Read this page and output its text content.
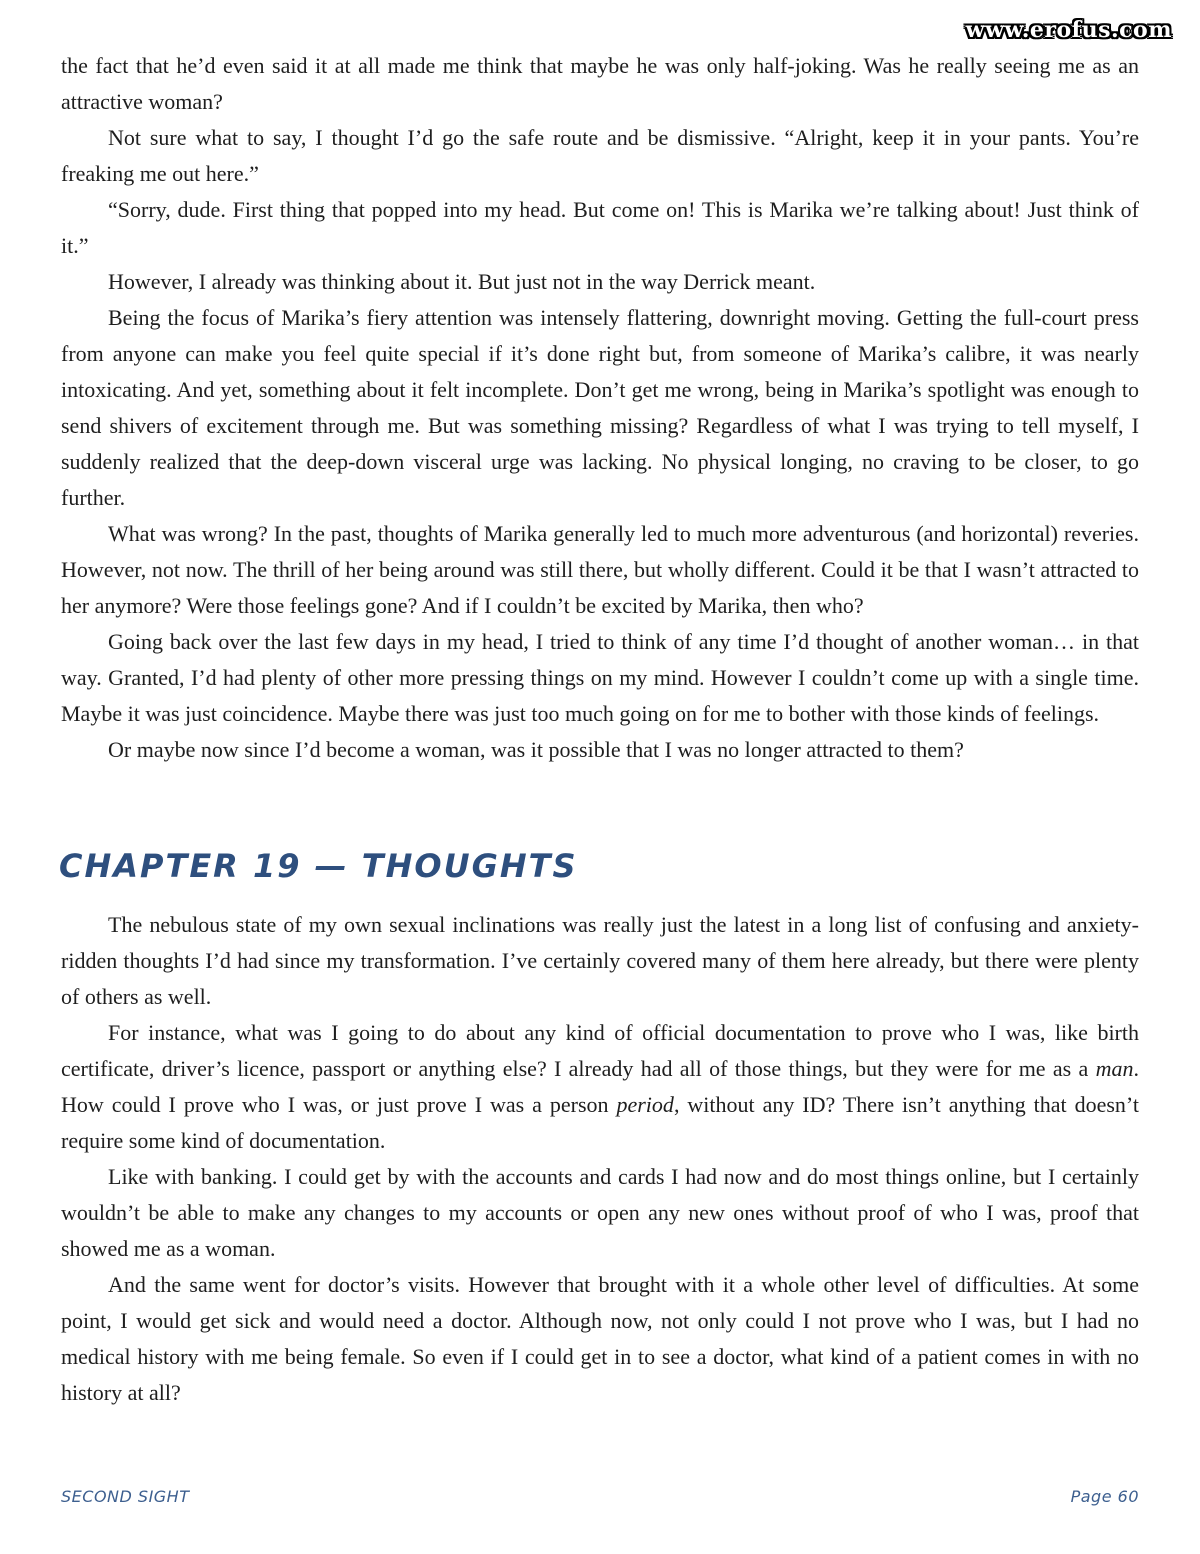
www.erofus.com

the fact that he’d even said it at all made me think that maybe he was only half-joking. Was he really seeing me as an attractive woman?

Not sure what to say, I thought I’d go the safe route and be dismissive. “Alright, keep it in your pants. You’re freaking me out here.”

“Sorry, dude. First thing that popped into my head. But come on! This is Marika we’re talking about! Just think of it.”

However, I already was thinking about it. But just not in the way Derrick meant.

Being the focus of Marika’s fiery attention was intensely flattering, downright moving. Getting the full-court press from anyone can make you feel quite special if it’s done right but, from someone of Marika’s calibre, it was nearly intoxicating. And yet, something about it felt incomplete. Don’t get me wrong, being in Marika’s spotlight was enough to send shivers of excitement through me. But was something missing? Regardless of what I was trying to tell myself, I suddenly realized that the deep-down visceral urge was lacking. No physical longing, no craving to be closer, to go further.

What was wrong? In the past, thoughts of Marika generally led to much more adventurous (and horizontal) reveries. However, not now. The thrill of her being around was still there, but wholly different. Could it be that I wasn’t attracted to her anymore? Were those feelings gone? And if I couldn’t be excited by Marika, then who?

Going back over the last few days in my head, I tried to think of any time I’d thought of another woman… in that way. Granted, I’d had plenty of other more pressing things on my mind. However I couldn’t come up with a single time. Maybe it was just coincidence. Maybe there was just too much going on for me to bother with those kinds of feelings.

Or maybe now since I’d become a woman, was it possible that I was no longer attracted to them?

CHAPTER 19 — THOUGHTS

The nebulous state of my own sexual inclinations was really just the latest in a long list of confusing and anxiety-ridden thoughts I’d had since my transformation. I’ve certainly covered many of them here already, but there were plenty of others as well.

For instance, what was I going to do about any kind of official documentation to prove who I was, like birth certificate, driver’s licence, passport or anything else? I already had all of those things, but they were for me as a man. How could I prove who I was, or just prove I was a person period, without any ID? There isn’t anything that doesn’t require some kind of documentation.

Like with banking. I could get by with the accounts and cards I had now and do most things online, but I certainly wouldn’t be able to make any changes to my accounts or open any new ones without proof of who I was, proof that showed me as a woman.

And the same went for doctor’s visits. However that brought with it a whole other level of difficulties. At some point, I would get sick and would need a doctor. Although now, not only could I not prove who I was, but I had no medical history with me being female. So even if I could get in to see a doctor, what kind of a patient comes in with no history at all?

SECOND SIGHT	Page 60
